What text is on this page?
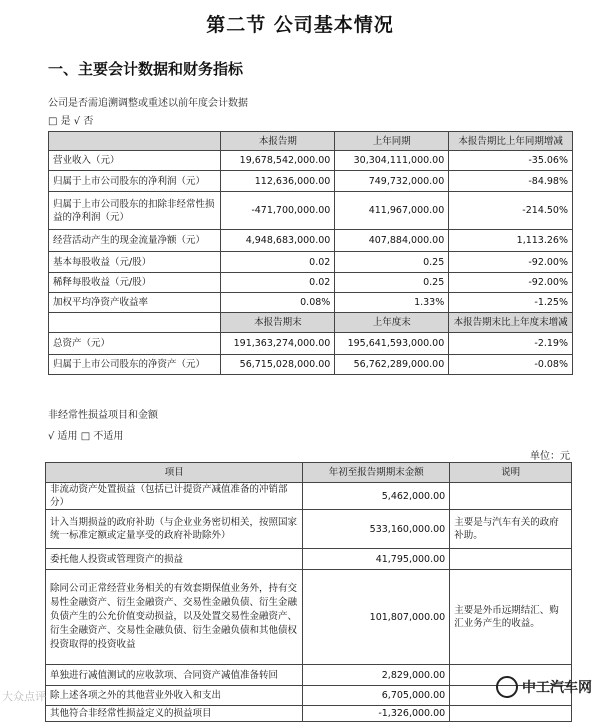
第二节 公司基本情况
一、主要会计数据和财务指标
公司是否需追溯调整或重述以前年度会计数据
□ 是 √ 否
	本报告期	上年同期	本报告期比上年同期增减
营业收入（元）	19,678,542,000.00	30,304,111,000.00	-35.06%
归属于上市公司股东的净利润（元）	112,636,000.00	749,732,000.00	-84.98%
归属于上市公司股东的扣除非经常性损益的净利润（元）	-471,700,000.00	411,967,000.00	-214.50%
经营活动产生的现金流量净额（元）	4,948,683,000.00	407,884,000.00	1,113.26%
基本每股收益（元/股）	0.02	0.25	-92.00%
稀释每股收益（元/股）	0.02	0.25	-92.00%
加权平均净资产收益率	0.08%	1.33%	-1.25%
	本报告期末	上年度末	本报告期末比上年度末增减
总资产（元）	191,363,274,000.00	195,641,593,000.00	-2.19%
归属于上市公司股东的净资产（元）	56,715,028,000.00	56,762,289,000.00	-0.08%
非经常性损益项目和金额
√ 适用 □ 不适用
单位：元
项目	年初至报告期期末金额	说明
非流动资产处置损益（包括已计提资产减值准备的冲销部分）	5,462,000.00	
计入当期损益的政府补助（与企业业务密切相关，按照国家统一标准定额或定量享受的政府补助除外）	533,160,000.00	主要是与汽车有关的政府补助。
委托他人投资或管理资产的损益	41,795,000.00	
除同公司正常经营业务相关的有效套期保值业务外，持有交易性金融资产、衍生金融资产、交易性金融负债、衍生金融负债产生的公允价值变动损益，以及处置交易性金融资产、衍生金融资产、交易性金融负债、衍生金融负债和其他债权投资取得的投资收益	101,807,000.00	主要是外币远期结汇、购汇业务产生的收益。
单独进行减值测试的应收款项、合同资产减值准备转回	2,829,000.00	
除上述各项之外的其他营业外收入和支出	6,705,000.00	
其他符合非经常性损益定义的损益项目	-1,326,000.00	
大众点评
中工汽车网
